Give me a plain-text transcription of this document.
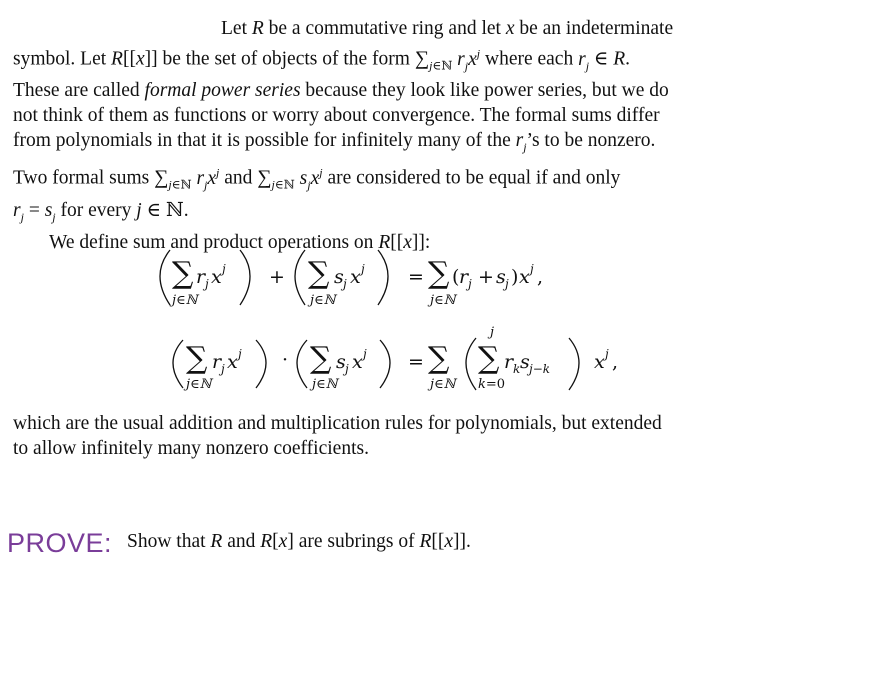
Let R be a commutative ring and let x be an indeterminate
symbol. Let R[[x]] be the set of objects of the form $\sum_{j\in ℕ}$ $r_jx^j$ where each $r_j$ ∈ R.
These are called formal power series because they look like power series, but we do
not think of them as functions or worry about convergence. The formal sums differ
from polynomials in that it is possible for infinitely many of the $r_j’s$ to be nonzero.
Two formal sums $\sum_{j\in ℕ}$ $r_jx^j$ and $\sum_{j\in ℕ}$ $s_jx^j$ are considered to be equal if and only
$r_j = s_j$ for every j ∈ ℕ.
We define sum and product operations on R[[x]]:
∑ r j x j
j∈ℕ
+ ∑ s j x j
j∈ℕ
= ∑ ( r j + s j ) x j ,
j∈ℕ
∑ r j x j
j∈ℕ
· ∑ s j x j
j∈ℕ
= ∑
j∈ℕ
j
∑
k=0
r k s j−k x j ,
which are the usual addition and multiplication rules for polynomials, but extended
to allow infinitely many nonzero coefficients.
PROVE: Show that R and R[x] are subrings of R[[x]].
